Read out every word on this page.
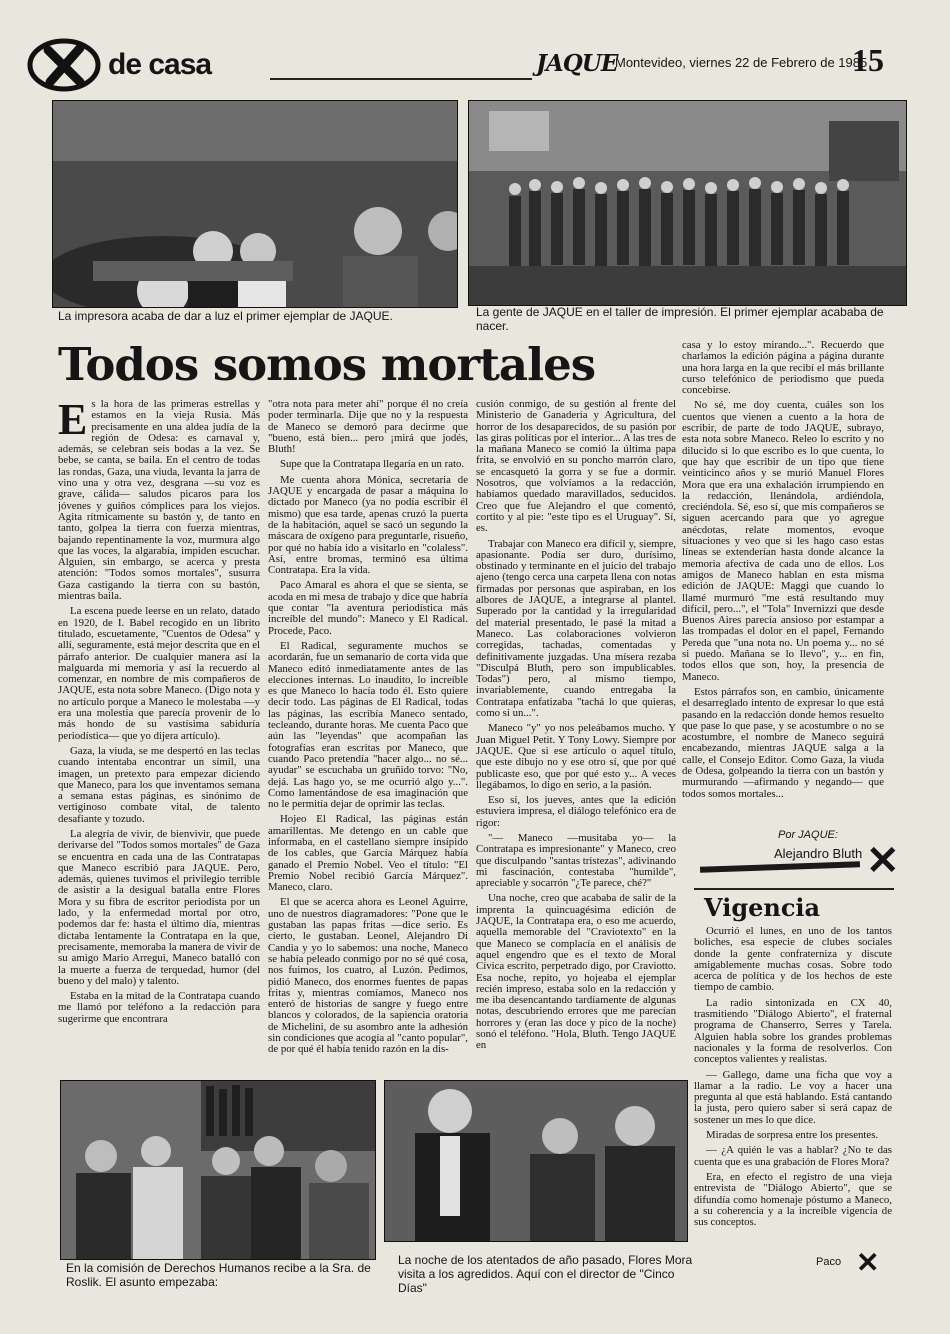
de casa	JAQUE
Montevideo, viernes 22 de Febrero de 1985
15
La impresora acaba de dar a luz el primer ejemplar de JAQUE.	La gente de JAQUE en el taller de impresión. El primer ejemplar acababa de nacer.
Todos somos mortales

Es la hora de las primeras estrellas y estamos en la vieja Rusia. Más precisamente en una aldea judía de la región de Odesa: es carnaval y, además, se celebran seis bodas a la vez. Se bebe, se canta, se baila. En el centro de todas las rondas, Gaza, una viuda, levanta la jarra de vino una y otra vez, desgrana —su voz es grave, cálida— saludos picaros para los jóvenes y guiños cómplices para los viejos. Agita rítmicamente su bastón y, de tanto en tanto, golpea la tierra con fuerza mientras, bajando repentinamente la voz, murmura algo que las voces, la algarabía, impiden escuchar. Alguien, sin embargo, se acerca y presta atención: "Todos somos mortales", susurra Gaza castigando la tierra con su bastón, mientras baila.

La escena puede leerse en un relato, datado en 1920, de I. Babel recogido en un librito titulado, escuetamente, "Cuentos de Odesa" y allí, seguramente, está mejor descrita que en el párrafo anterior. De cualquier manera así la malguarda mi memoria y así la recuerdo al comenzar, en nombre de mis compañeros de JAQUE, esta nota sobre Maneco. (Digo nota y no artículo porque a Maneco le molestaba —y era una molestia que parecía provenir de lo más hondo de su vastísima sabiduría periodística— que yo dijera artículo).

Gaza, la viuda, se me despertó en las teclas cuando intentaba encontrar un símil, una imagen, un pretexto para empezar diciendo que Maneco, para los que inventamos semana a semana estas páginas, es sinónimo de vertiginoso combate vital, de talento desafiante y tozudo.

La alegría de vivir, de bienvivir, que puede derivarse del "Todos somos mortales" de Gaza se encuentra en cada una de las Contratapas que Maneco escribió para JAQUE. Pero, además, quienes tuvimos el privilegio terrible de asistir a la desigual batalla entre Flores Mora y su fibra de escritor periodista por un lado, y la enfermedad mortal por otro, podemos dar fe: hasta el último día, mientras dictaba lentamente la Contratapa en la que, precisamente, memoraba la manera de vivir de su amigo Mario Arregui, Maneco batalló con la muerte a fuerza de terquedad, humor (del bueno y del malo) y talento.

Estaba en la mitad de la Contratapa cuando me llamó por teléfono a la redacción para sugerirme que encontrara

"otra nota para meter ahí" porque él no creía poder terminarla. Dije que no y la respuesta de Maneco se demoró para decirme que "bueno, está bien... pero ¡mirá que jodés, Bluth!

Supe que la Contratapa llegaría en un rato.

Me cuenta ahora Mónica, secretaria de JAQUE y encargada de pasar a máquina lo dictado por Maneco (ya no podía escribir él mismo) que esa tarde, apenas cruzó la puerta de la habitación, aquel se sacó un segundo la máscara de oxígeno para preguntarle, risueño, por qué no había ido a visitarlo en "colaless". Así, entre bromas, terminó esa última Contratapa. Era la vida.

Paco Amaral es ahora el que se sienta, se acoda en mi mesa de trabajo y dice que habría que contar "la aventura periodística más increíble del mundo": Maneco y El Radical. Procede, Paco.

El Radical, seguramente muchos se acordarán, fue un semanario de corta vida que Maneco editó inmediatamente antes de las elecciones internas. Lo inaudito, lo increíble es que Maneco lo hacía todo él. Esto quiere decir todo. Las páginas de El Radical, todas las páginas, las escribía Maneco sentado, tecleando, durante horas. Me cuenta Paco que aún las "leyendas" que acompañan las fotografías eran escritas por Maneco, que cuando Paco pretendía "hacer algo... no sé... ayudar" se escuchaba un gruñido torvo: "No, dejá. Las hago yo, se me ocurrió algo y...". Como lamentándose de esa imaginación que no le permitía dejar de oprimir las teclas.

Hojeo El Radical, las páginas están amarillentas. Me detengo en un cable que informaba, en el castellano siempre insípido de los cables, que García Márquez había ganado el Premio Nobel. Veo el título: "El Premio Nobel recibió García Márquez". Maneco, claro.

El que se acerca ahora es Leonel Aguirre, uno de nuestros diagramadores: "Pone que le gustaban las papas fritas —dice serio. Es cierto, le gustaban. Leonel, Alejandro Di Candia y yo lo sabemos: una noche, Maneco se había peleado conmigo por no sé qué cosa, nos fuimos, los cuatro, al Luzón. Pedimos, pidió Maneco, dos enormes fuentes de papas fritas y, mientras comíamos, Maneco nos enteró de historias de sangre y fuego entre blancos y colorados, de la sapiencia oratoria de Michelini, de su asombro ante la adhesión sin condiciones que acogía al "canto popular", de por qué él había tenido razón en la dis-

cusión conmigo, de su gestión al frente del Ministerio de Ganadería y Agricultura, del horror de los desaparecidos, de su pasión por las giras políticas por el interior... A las tres de la mañana Maneco se comió la última papa frita, se envolvió en su poncho marrón claro, se encasquetó la gorra y se fue a dormir. Nosotros, que volvíamos a la redacción, habíamos quedado maravillados, seducidos. Creo que fue Alejandro el que comentó, cortito y al pie: "este tipo es el Uruguay". Sí, es.

Trabajar con Maneco era difícil y, siempre, apasionante. Podía ser duro, durísimo, obstinado y terminante en el juicio del trabajo ajeno (tengo cerca una carpeta llena con notas firmadas por personas que aspiraban, en los albores de JAQUE, a integrarse al plantel. Superado por la cantidad y la irregularidad del material presentado, le pasé la mitad a Maneco. Las colaboraciones volvieron corregidas, tachadas, comentadas y definitivamente juzgadas. Una mísera rezaba "Disculpá Bluth, pero son impublicables. Todas") pero, al mismo tiempo, invariablemente, cuando entregaba la Contratapa enfatizaba "tachá lo que quieras, como si un...".

Maneco "y" yo nos peleábamos mucho. Y Juan Miguel Petit. Y Tony Lowy. Siempre por JAQUE. Que si ese artículo o aquel título, que este dibujo no y ese otro sí, que por qué publicaste eso, que por qué esto y... A veces llegábamos, lo digo en serio, a la pasión.

Eso sí, los jueves, antes que la edición estuviera impresa, el diálogo telefónico era de rigor:

"— Maneco —musitaba yo— la Contratapa es impresionante" y Maneco, creo que disculpando "santas tristezas", adivinando mi fascinación, contestaba "humilde", apreciable y socarrón "¿Te parece, ché?"

Una noche, creo que acababa de salir de la imprenta la quincuagésima edición de JAQUE, la Contratapa era, o eso me acuerdo, aquella memorable del "Craviotexto" en la que Maneco se complacía en el análisis de aquel engendro que es el texto de Moral Cívica escrito, perpetrado digo, por Craviotto. Esa noche, repito, yo hojeaba el ejemplar recién impreso, estaba solo en la redacción y me iba desencantando tardíamente de algunas notas, descubriendo errores que me parecían horrores y (eran las doce y pico de la noche) sonó el teléfono. "Hola, Bluth. Tengo JAQUE en

casa y lo estoy mirando...". Recuerdo que charlamos la edición página a página durante una hora larga en la que recibí el más brillante curso telefónico de periodismo que pueda concebirse.

No sé, me doy cuenta, cuáles son los cuentos que vienen a cuento a la hora de escribir, de parte de todo JAQUE, subrayo, esta nota sobre Maneco. Releo lo escrito y no dilucido si lo que escribo es lo que cuenta, lo que hay que escribir de un tipo que tiene veinticinco años y se murió Manuel Flores Mora que era una exhalación irrumpiendo en la redacción, llenándola, ardiéndola, creciéndola. Sé, eso sí, que mis compañeros se siguen acercando para que yo agregue anécdotas, relate momentos, evoque situaciones y veo que si les hago caso estas líneas se extenderían hasta donde alcance la memoria afectiva de cada uno de ellos. Los amigos de Maneco hablan en esta misma edición de JAQUE: Maggi que cuando lo llamé murmuró "me está resultando muy difícil, pero...", el "Tola" Invernizzi que desde Buenos Aires parecía ansioso por estampar a las trompadas el dolor en el papel, Fernando Pereda que "una nota no. Un poema y... no sé si puedo. Mañana se lo llevo", y... en fin, todos ellos que son, hoy, la presencia de Maneco.

Estos párrafos son, en cambio, únicamente el desarreglado intento de expresar lo que está pasando en la redacción donde hemos resuelto que pase lo que pase, y se acostumbre o no se acostumbre, el nombre de Maneco seguirá encabezando, mientras JAQUE salga a la calle, el Consejo Editor. Como Gaza, la viuda de Odesa, golpeando la tierra con un bastón y murmurando —afirmando y negando— que todos somos mortales...

Por JAQUE:
Alejandro Bluth ✕
Vigencia

Ocurrió el lunes, en uno de los tantos boliches, esa especie de clubes sociales donde la gente confraterniza y discute amigablemente muchas cosas. Sobre todo acerca de política y de los hechos de este tiempo de cambio.

La radio sintonizada en CX 40, trasmitiendo "Diálogo Abierto", el fraternal programa de Chanserro, Serres y Tarela. Alguien habla sobre los grandes problemas nacionales y la forma de resolverlos. Con conceptos valientes y realistas.

— Gallego, dame una ficha que voy a llamar a la radio. Le voy a hacer una pregunta al que está hablando. Está cantando la justa, pero quiero saber si será capaz de sostener un mes lo que dice.

Miradas de sorpresa entre los presentes.

— ¿A quién le vas a hablar? ¿No te das cuenta que es una grabación de Flores Mora?

Era, en efecto el registro de una vieja entrevista de "Diálogo Abierto", que se difundía como homenaje póstumo a Maneco, a su coherencia y a la increíble vigencia de sus conceptos.

Paco ✕
En la comisión de Derechos Humanos recibe a la Sra. de Roslik. El asunto empezaba:
La noche de los atentados de año pasado, Flores Mora visita a los agredidos. Aquí con el director de "Cinco Días"
